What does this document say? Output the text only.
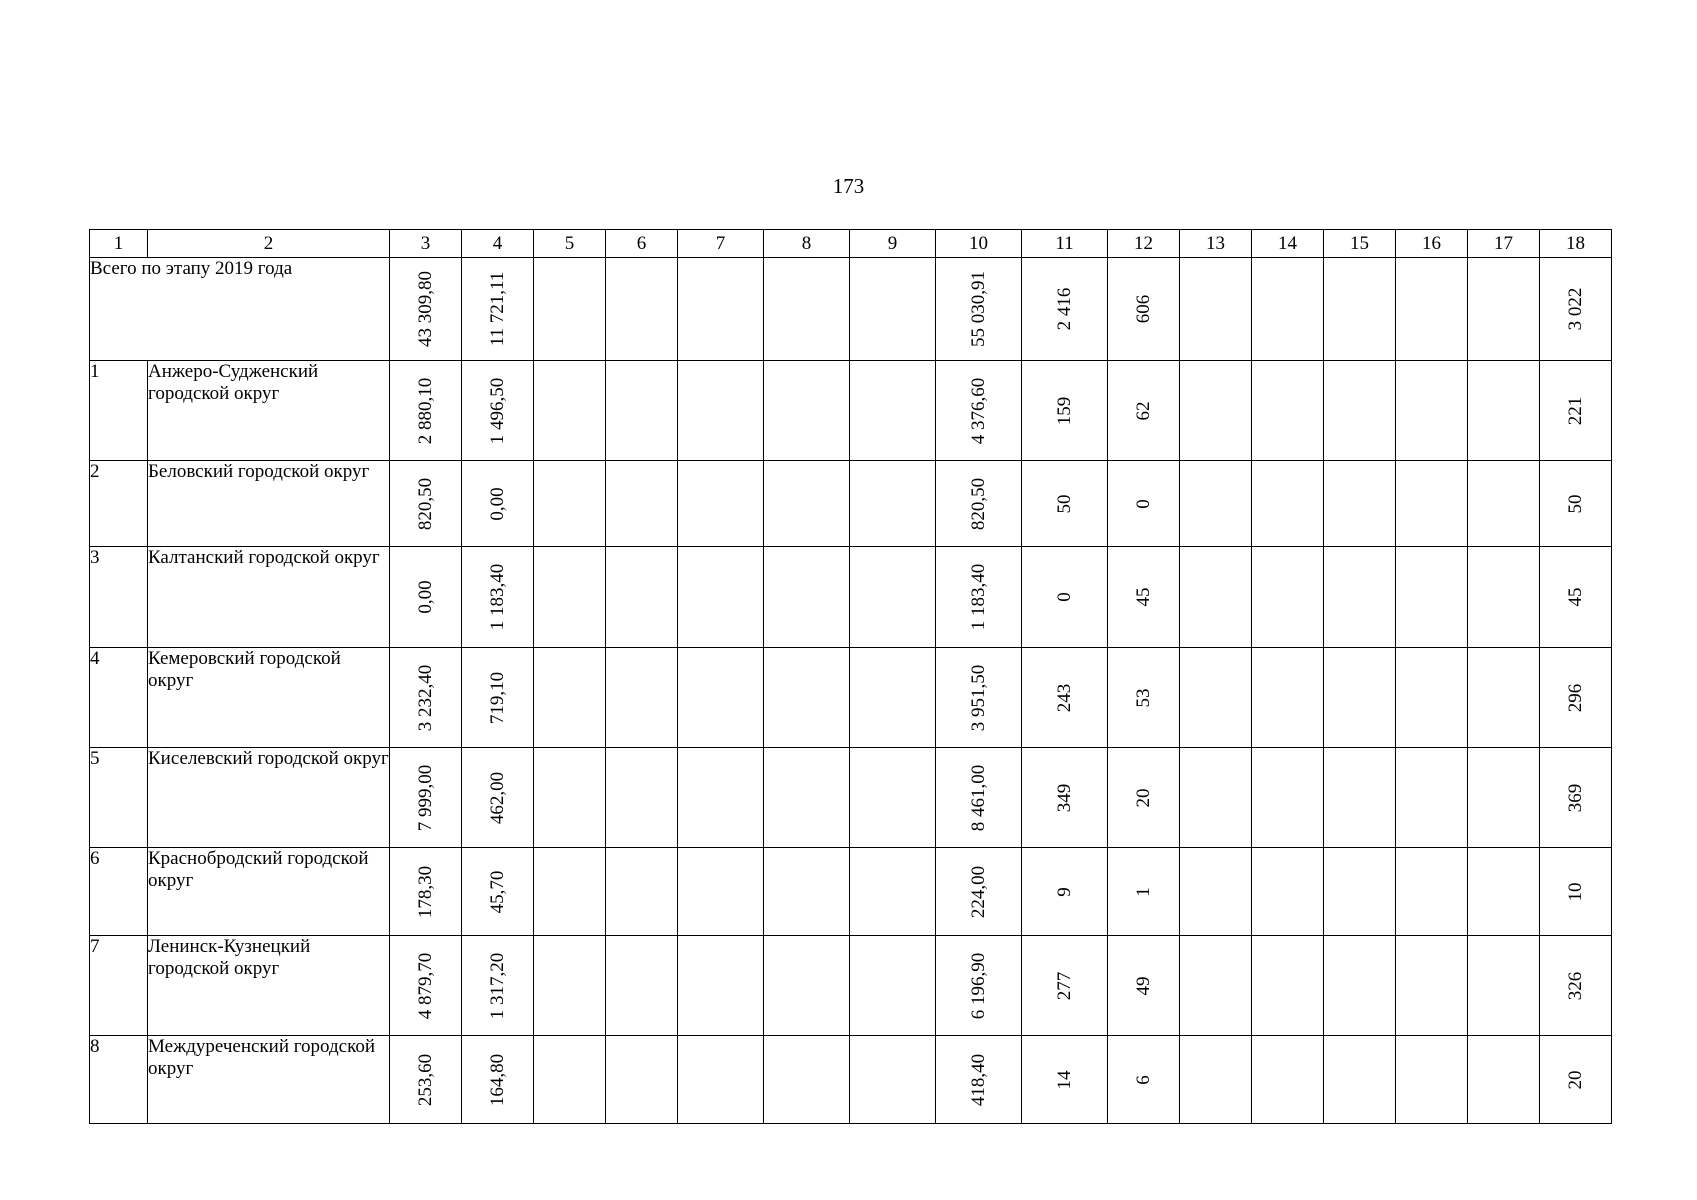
173
1	2	3	4	5	6	7	8	9	10	11	12	13	14	15	16	17	18
Всего по этапу 2019 года		43 309,80	11 721,11						55 030,91	2 416	606						3 022

1	Анжеро-Судженский городской округ	2 880,10	1 496,50						4 376,60	159	62						221

2	Беловский городской округ	820,50	0,00						820,50	50	0						50

3	Калтанский городской округ	0,00	1 183,40						1 183,40	0	45						45

4	Кемеровский городской округ	3 232,40	719,10						3 951,50	243	53						296

5	Киселевский городской округ	7 999,00	462,00						8 461,00	349	20						369

6	Краснобродский городской округ	178,30	45,70						224,00	9	1						10

7	Ленинск-Кузнецкий городской округ	4 879,70	1 317,20						6 196,90	277	49						326

8	Междуреченский городской округ	253,60	164,80						418,40	14	6						20
